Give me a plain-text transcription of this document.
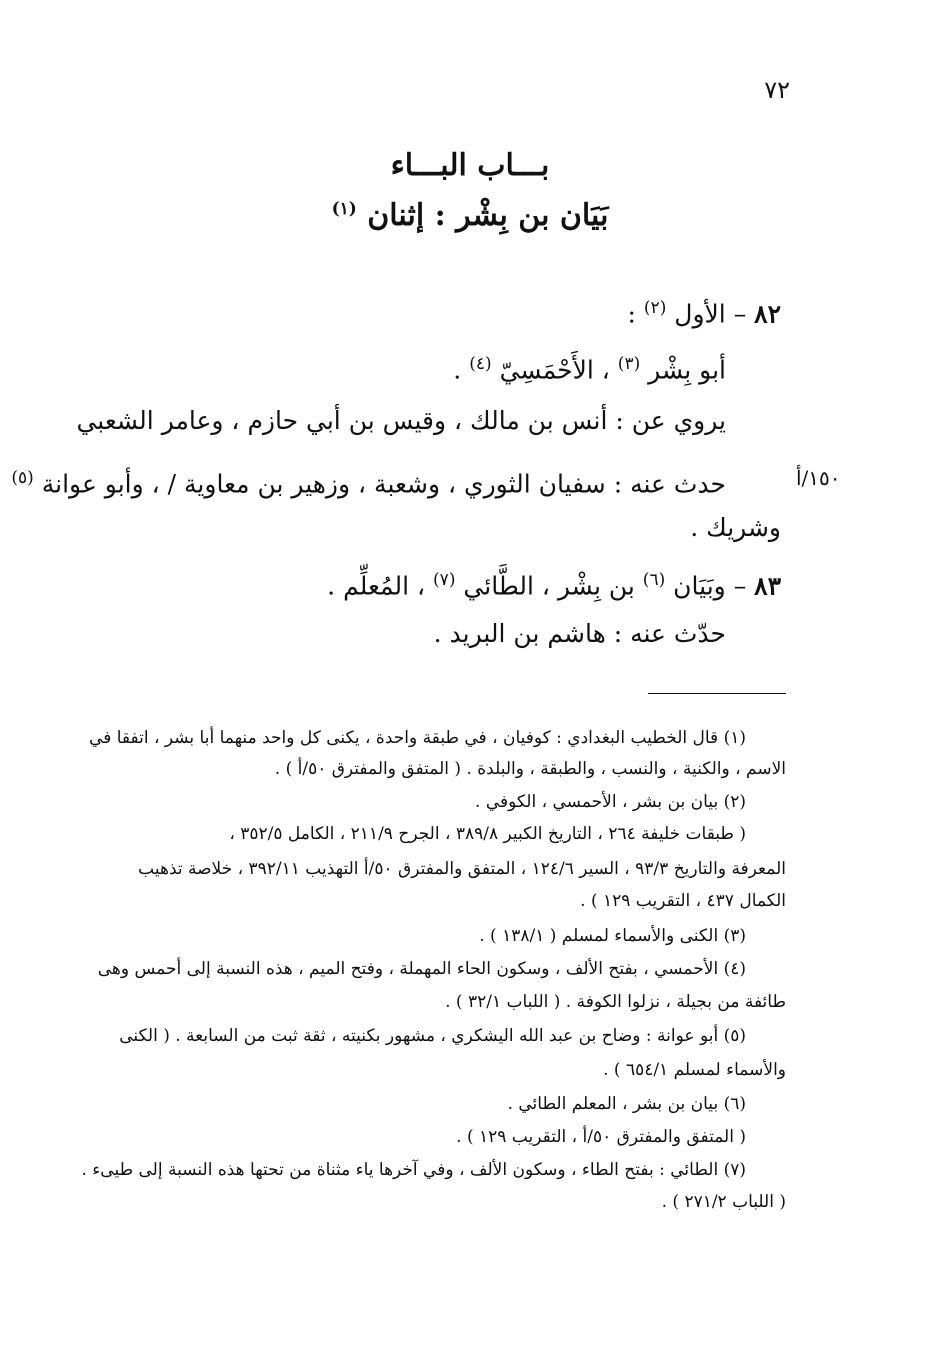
٧٢
بـــاب البـــاء
بَيَان بن بِشْر : إثنان $^{(١)}$
٨٢ – الأول $^{(٢)}$ :
أبو بِشْر $^{(٣)}$ ، الأَحْمَسِيّ $^{(٤)}$ .
يروي عن : أنس بن مالك ، وقيس بن أبي حازم ، وعامر الشعبي
١٥٠/أ
حدث عنه : سفيان الثوري ، وشعبة ، وزهير بن معاوية / ، وأبو عوانة $^{(٥)}$
وشريك .
٨٣ – وبَيَان $^{(٦)}$ بن بِشْر ، الطَّائي $^{(٧)}$ ، المُعلِّم .
حدّث عنه : هاشم بن البريد .
(١) قال الخطيب البغدادي : كوفيان ، في طبقة واحدة ، يكنى كل واحد منهما أبا بشر ، اتفقا في
الاسم ، والكنية ، والنسب ، والطبقة ، والبلدة . ( المتفق والمفترق ٥٠/أ ) .
(٢) بيان بن بشر ، الأحمسي ، الكوفي .
( طبقات خليفة ٢٦٤ ، التاريخ الكبير ٣٨٩/٨ ، الجرح ٢١١/٩ ، الكامل ٣٥٢/٥ ،
المعرفة والتاريخ ٩٣/٣ ، السير ١٢٤/٦ ، المتفق والمفترق ٥٠/أ التهذيب ٣٩٢/١١ ، خلاصة تذهيب
الكمال ٤٣٧ ، التقريب ١٢٩ ) .
(٣) الكنى والأسماء لمسلم ( ١٣٨/١ ) .
(٤) الأحمسي ، بفتح الألف ، وسكون الحاء المهملة ، وفتح الميم ، هذه النسبة إلى أحمس وهى
طائفة من بجيلة ، نزلوا الكوفة . ( اللباب ٣٢/١ ) .
(٥) أبو عوانة : وضاح بن عبد الله اليشكري ، مشهور بكنيته ، ثقة ثبت من السابعة . ( الكنى
والأسماء لمسلم ٦٥٤/١ ) .
(٦) بيان بن بشر ، المعلم الطائي .
( المتفق والمفترق ٥٠/أ ، التقريب ١٢٩ ) .
(٧) الطائي : بفتح الطاء ، وسكون الألف ، وفي آخرها ياء مثناة من تحتها هذه النسبة إلى طيىء .
( اللباب ٢٧١/٢ ) .
